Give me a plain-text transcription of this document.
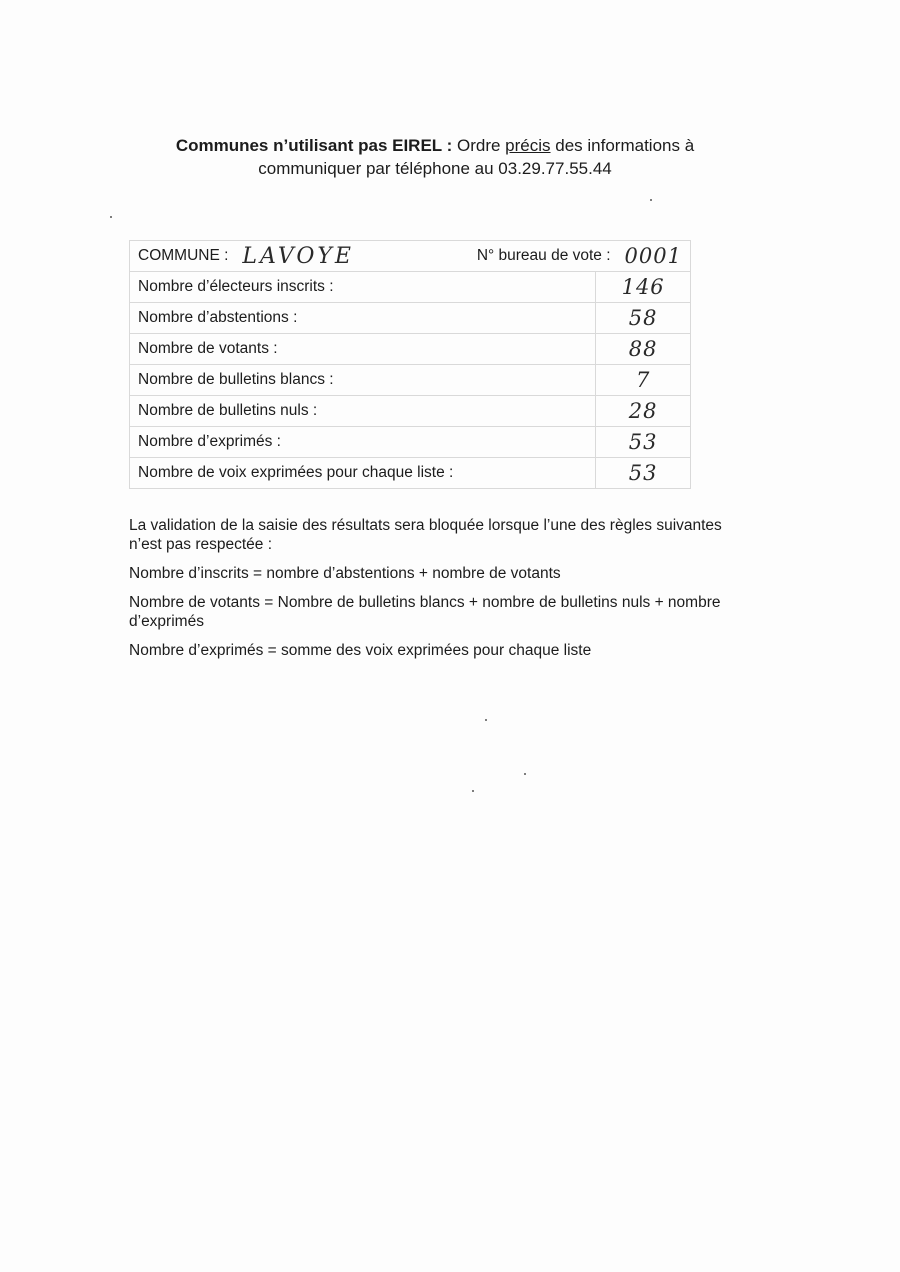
Communes n’utilisant pas EIREL : Ordre précis des informations à
communiquer par téléphone au 03.29.77.55.44
COMMUNE : LAVOYE N° bureau de vote : 0001	

Nombre d’électeurs inscrits :	146
Nombre d’abstentions :	58
Nombre de votants :	88
Nombre de bulletins blancs :	7
Nombre de bulletins nuls :	28
Nombre d’exprimés :	53
Nombre de voix exprimées pour chaque liste :	53

La validation de la saisie des résultats sera bloquée lorsque l’une des règles suivantes n’est pas respectée :

Nombre d’inscrits = nombre d’abstentions + nombre de votants

Nombre de votants = Nombre de bulletins blancs + nombre de bulletins nuls + nombre d’exprimés

Nombre d’exprimés = somme des voix exprimées pour chaque liste
